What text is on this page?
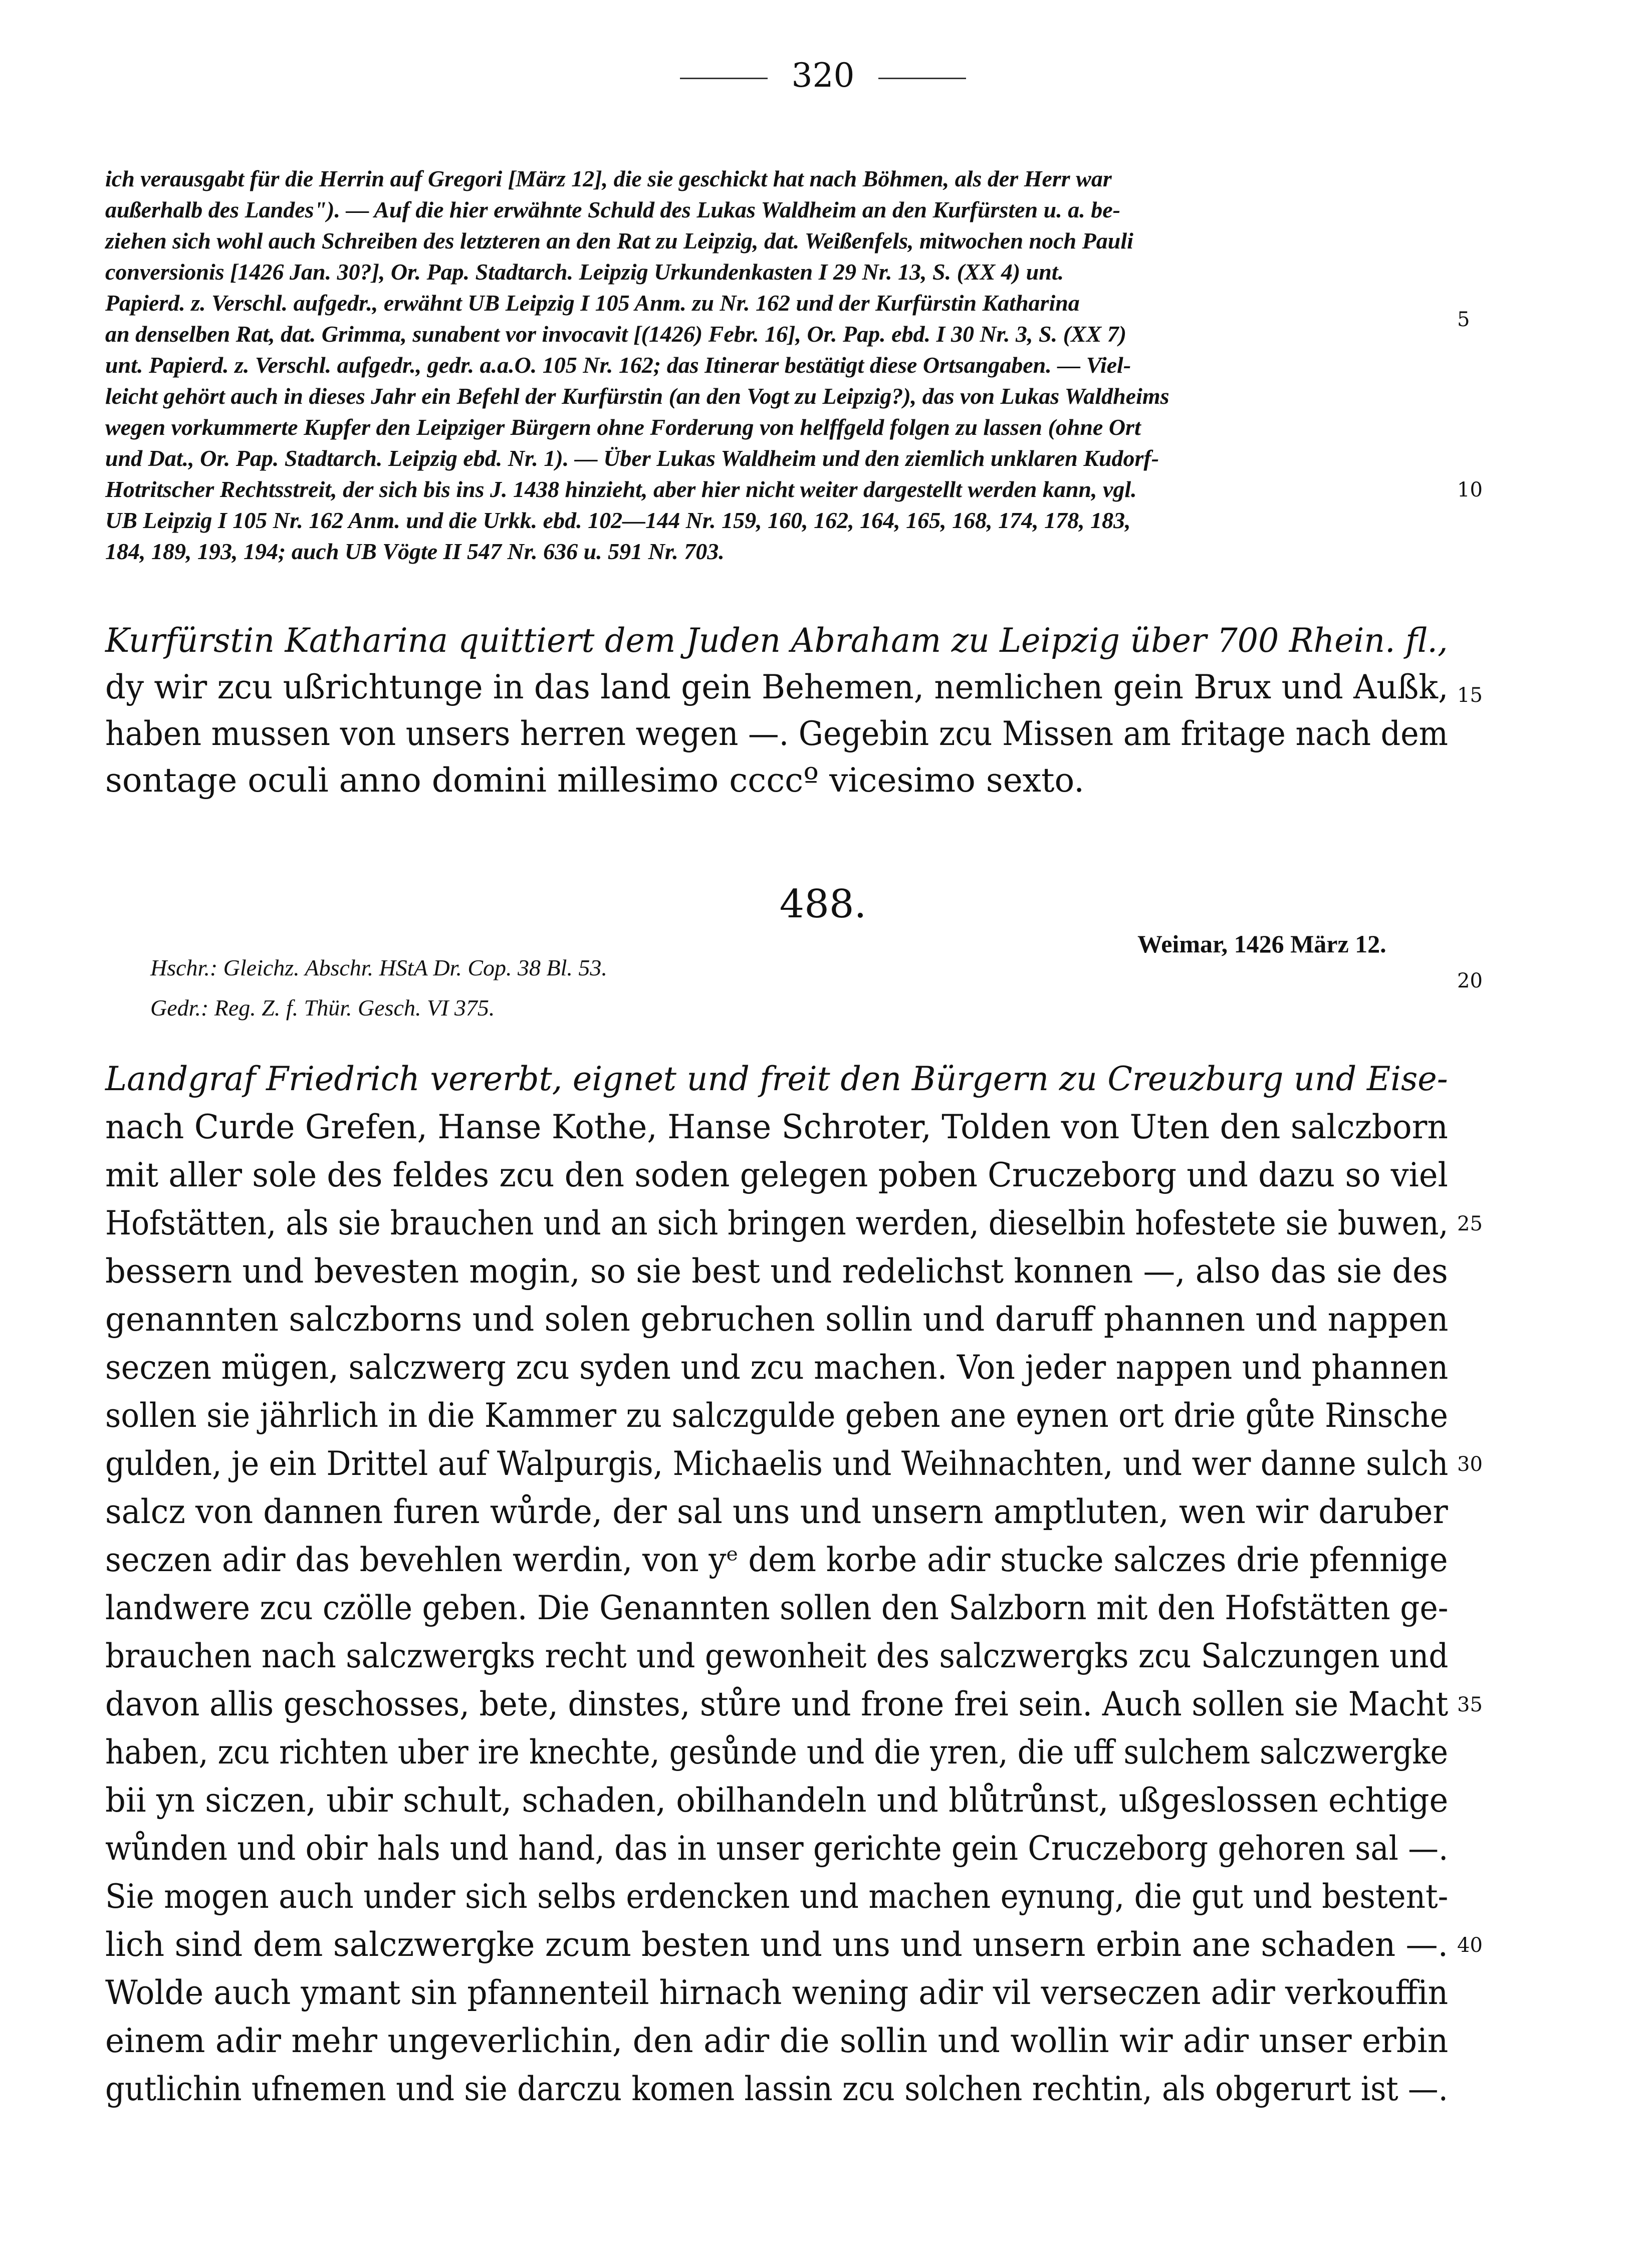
320
ich verausgabt für die Herrin auf Gregori [März 12], die sie geschickt hat nach Böhmen, als der Herr war
außerhalb des Landes"). — Auf die hier erwähnte Schuld des Lukas Waldheim an den Kurfürsten u. a. be-
ziehen sich wohl auch Schreiben des letzteren an den Rat zu Leipzig, dat. Weißenfels, mitwochen noch Pauli
conversionis [1426 Jan. 30?], Or. Pap. Stadtarch. Leipzig Urkundenkasten I 29 Nr. 13, S. (XX 4) unt.
Papierd. z. Verschl. aufgedr., erwähnt UB Leipzig I 105 Anm. zu Nr. 162 und der Kurfürstin Katharina
an denselben Rat, dat. Grimma, sunabent vor invocavit [(1426) Febr. 16], Or. Pap. ebd. I 30 Nr. 3, S. (XX 7)
unt. Papierd. z. Verschl. aufgedr., gedr. a.a.O. 105 Nr. 162; das Itinerar bestätigt diese Ortsangaben. — Viel-
leicht gehört auch in dieses Jahr ein Befehl der Kurfürstin (an den Vogt zu Leipzig?), das von Lukas Waldheims
wegen vorkummerte Kupfer den Leipziger Bürgern ohne Forderung von helffgeld folgen zu lassen (ohne Ort
und Dat., Or. Pap. Stadtarch. Leipzig ebd. Nr. 1). — Über Lukas Waldheim und den ziemlich unklaren Kudorf-
Hotritscher Rechtsstreit, der sich bis ins J. 1438 hinzieht, aber hier nicht weiter dargestellt werden kann, vgl.
UB Leipzig I 105 Nr. 162 Anm. und die Urkk. ebd. 102—144 Nr. 159, 160, 162, 164, 165, 168, 174, 178, 183,
184, 189, 193, 194; auch UB Vögte II 547 Nr. 636 u. 591 Nr. 703.
5
10
Kurfürstin Katharina quittiert dem Juden Abraham zu Leipzig über 700 Rhein. fl.,
dy wir zcu ußrichtunge in das land gein Behemen, nemlichen gein Brux und Außk,
haben mussen von unsers herren wegen —. Gegebin zcu Missen am fritage nach dem
sontage oculi anno domini millesimo ccccº vicesimo sexto.
15
488.
Weimar, 1426 März 12.
20
Hschr.: Gleichz. Abschr. HStA Dr. Cop. 38 Bl. 53.
Gedr.: Reg. Z. f. Thür. Gesch. VI 375.
Landgraf Friedrich vererbt, eignet und freit den Bürgern zu Creuzburg und Eise-
nach Curde Grefen, Hanse Kothe, Hanse Schroter, Tolden von Uten den salczborn
mit aller sole des feldes zcu den soden gelegen poben Cruczeborg und dazu so viel
Hofstätten, als sie brauchen und an sich bringen werden, dieselbin hofestete sie buwen,
bessern und bevesten mogin, so sie best und redelichst konnen —, also das sie des
genannten salczborns und solen gebruchen sollin und daruff phannen und nappen
seczen mügen, salczwerg zcu syden und zcu machen. Von jeder nappen und phannen
sollen sie jährlich in die Kammer zu salczgulde geben ane eynen ort drie gůte Rinsche
gulden, je ein Drittel auf Walpurgis, Michaelis und Weihnachten, und wer danne sulch
salcz von dannen furen wůrde, der sal uns und unsern amptluten, wen wir daruber
seczen adir das bevehlen werdin, von yᵉ dem korbe adir stucke salczes drie pfennige
landwere zcu czölle geben. Die Genannten sollen den Salzborn mit den Hofstätten ge-
brauchen nach salczwergks recht und gewonheit des salczwergks zcu Salczungen und
davon allis geschosses, bete, dinstes, stůre und frone frei sein. Auch sollen sie Macht
haben, zcu richten uber ire knechte, gesůnde und die yren, die uff sulchem salczwergke
bii yn siczen, ubir schult, schaden, obilhandeln und blůtrůnst, ußgeslossen echtige
wůnden und obir hals und hand, das in unser gerichte gein Cruczeborg gehoren sal —.
Sie mogen auch under sich selbs erdencken und machen eynung, die gut und bestent-
lich sind dem salczwergke zcum besten und uns und unsern erbin ane schaden —.
Wolde auch ymant sin pfannenteil hirnach wening adir vil verseczen adir verkouffin
einem adir mehr ungeverlichin, den adir die sollin und wollin wir adir unser erbin
gutlichin ufnemen und sie darczu komen lassin zcu solchen rechtin, als obgerurt ist —.
25
30
35
40
